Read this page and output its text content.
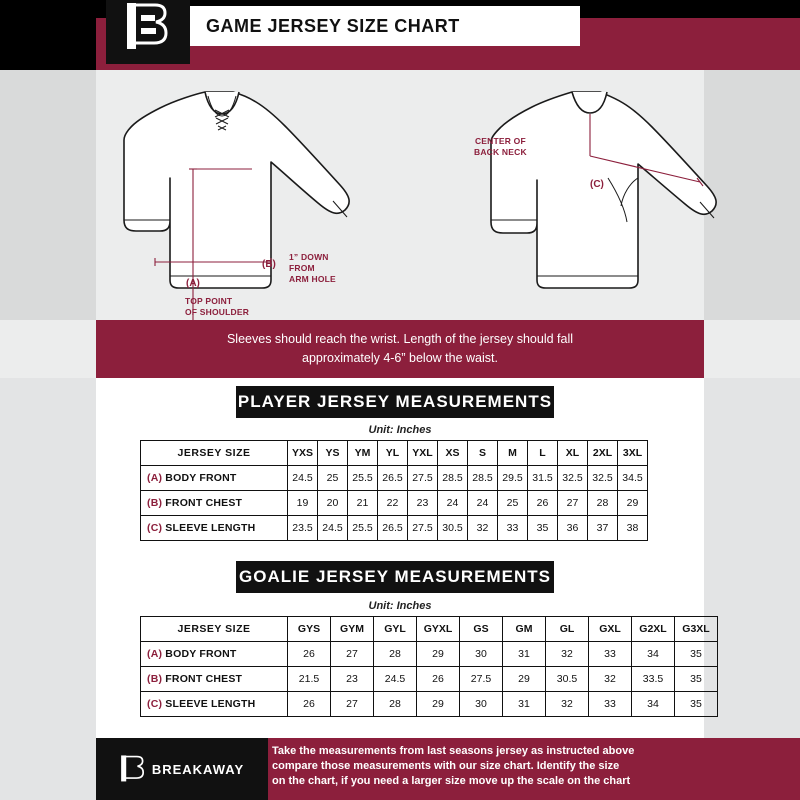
GAME JERSEY SIZE CHART
CENTER OF
BACK NECK
1” DOWN
FROM
ARM HOLE
TOP POINT
OF SHOULDER
(A)
(B)
(C)
Sleeves should reach the wrist. Length of the jersey should fall
approximately 4-6” below the waist.
PLAYER JERSEY MEASUREMENTS
Unit: Inches
JERSEY SIZE	YXS	YS	YM	YL	YXL	XS	S	M	L	XL	2XL	3XL
(A) BODY FRONT	24.5	25	25.5	26.5	27.5	28.5	28.5	29.5	31.5	32.5	32.5	34.5
(B) FRONT CHEST	19	20	21	22	23	24	24	25	26	27	28	29
(C) SLEEVE LENGTH	23.5	24.5	25.5	26.5	27.5	30.5	32	33	35	36	37	38
GOALIE JERSEY MEASUREMENTS
Unit: Inches
JERSEY SIZE	GYS	GYM	GYL	GYXL	GS	GM	GL	GXL	G2XL	G3XL
(A) BODY FRONT	26	27	28	29	30	31	32	33	34	35
(B) FRONT CHEST	21.5	23	24.5	26	27.5	29	30.5	32	33.5	35
(C) SLEEVE LENGTH	26	27	28	29	30	31	32	33	34	35
BREAKAWAY
Take the measurements from last seasons jersey as instructed above
compare those measurements with our size chart. Identify the size
on the chart, if you need a larger size move up the scale on the chart
